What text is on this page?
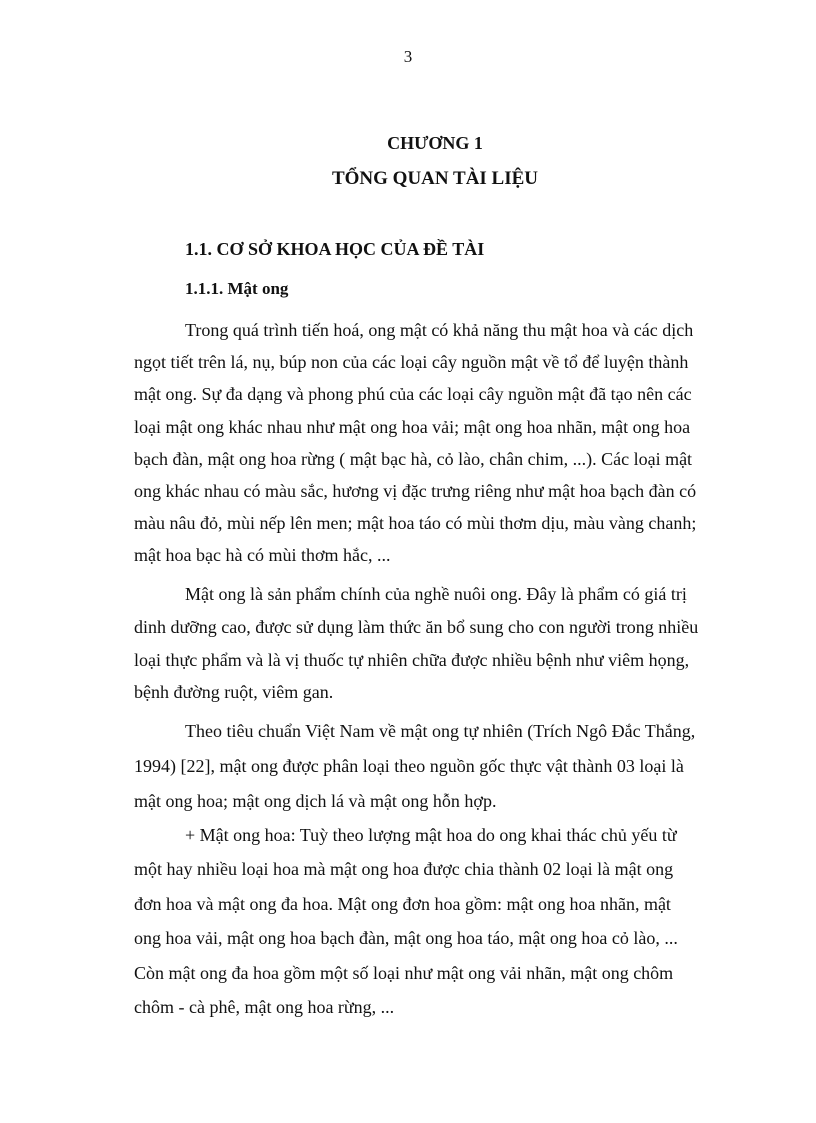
3
CHƯƠNG 1
TỔNG QUAN TÀI LIỆU
1.1. CƠ SỞ KHOA HỌC CỦA ĐỀ TÀI
1.1.1. Mật ong

Trong quá trình tiến hoá, ong mật có khả năng thu mật hoa và các dịch
ngọt tiết trên lá, nụ, búp non của các loại cây nguồn mật về tổ để luyện thành
mật ong. Sự đa dạng và phong phú của các loại cây nguồn mật đã tạo nên các
loại mật ong khác nhau như mật ong hoa vải; mật ong hoa nhãn, mật ong hoa
bạch đàn, mật ong hoa rừng ( mật bạc hà, cỏ lào, chân chim, ...). Các loại mật
ong khác nhau có màu sắc, hương vị đặc trưng riêng như mật hoa bạch đàn có
màu nâu đỏ, mùi nếp lên men; mật hoa táo có mùi thơm dịu, màu vàng chanh;
mật hoa bạc hà có mùi thơm hắc, ...

Mật ong là sản phẩm chính của nghề nuôi ong. Đây là phẩm có giá trị
dinh dưỡng cao, được sử dụng làm thức ăn bổ sung cho con người trong nhiều
loại thực phẩm và là vị thuốc tự nhiên chữa được nhiều bệnh như viêm họng,
bệnh đường ruột, viêm gan.

Theo tiêu chuẩn Việt Nam về mật ong tự nhiên (Trích Ngô Đắc Thắng,
1994) [22], mật ong được phân loại theo nguồn gốc thực vật thành 03 loại là
mật ong hoa; mật ong dịch lá và mật ong hỗn hợp.

+ Mật ong hoa: Tuỳ theo lượng mật hoa do ong khai thác chủ yếu từ
một hay nhiều loại hoa mà mật ong hoa được chia thành 02 loại là mật ong
đơn hoa và mật ong đa hoa. Mật ong đơn hoa gồm: mật ong hoa nhãn, mật
ong hoa vải, mật ong hoa bạch đàn, mật ong hoa táo, mật ong hoa cỏ lào, ...
Còn mật ong đa hoa gồm một số loại như mật ong vải nhãn, mật ong chôm
chôm - cà phê, mật ong hoa rừng, ...
